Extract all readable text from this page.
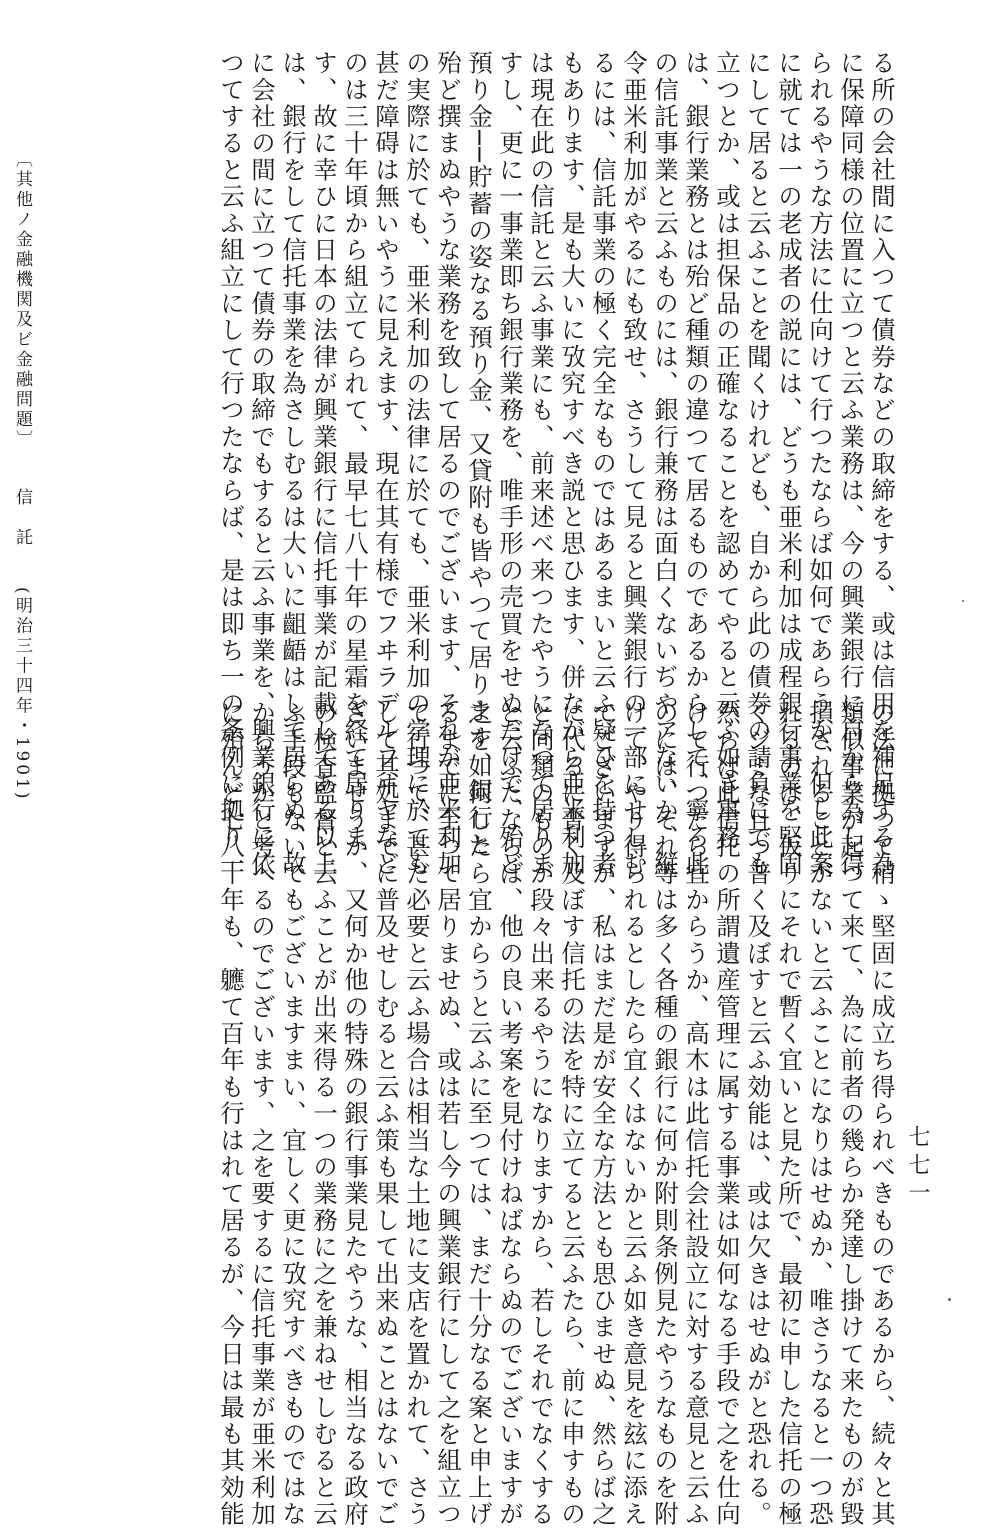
〔其他ノ金融機関及ビ金融問題〕 信　託 (明治三十四年・1901)	る所の会社間に入つて債券などの取締をする、或は信用を補足する為
に保障同様の位置に立つと云ふ業務は、今の興業銀行に自から為し得
られるやうな方法に仕向けて行つたならば如何であらうか、但し此案
に就ては一の老成者の説には、どうも亜米利加は成程銀行事業を堅固
にして居ると云ふことを聞くけれども、自から此の債券の請負にでも
立つとか、或は担保品の正確なることを認めてやると云ふ如き事務
は、銀行業務とは殆ど種類の違つて居るものであるからして、寧ろ此
の信託事業と云ふものには、銀行兼務は面白くないぢやアないか、縦
令亜米利加がやるにも致せ、さうして見ると興業銀行の一部にせしむ
るには、信託事業の極く完全なものではあるまいと云ふ疑ひを持つ者
もあります、是も大いに攷究すべき説と思ひます、併ながら亜米利加
は現在此の信託と云ふ事業にも、前来述べ来つたやうになつて居りま
すし、更に一事業即ち銀行業務を、唯手形の売買をせぬだけで、殆ど
預り金──貯蓄の姿なる預り金、又貸附も皆やつて居ります、銀行と
殆ど撰まぬやうな業務を致して居るのでございます、それが亜米利加
の実際に於ても、亜米利加の法律に於ても、亜米利加の学理に於ても
甚だ障碍は無いやうに見えます、現在其有様でフヰラデルフヰヤなど
のは三十年頃から組立てられて、最早七八十年の星霜を経て居りま
す、故に幸ひに日本の法律が興業銀行に信托事業が記載してある以上
は、銀行をして信托事業を為さしむるは大いに齟齬はして居らぬ、故
に会社の間に立つて債券の取締でもすると云ふ事業を、興業銀行に依
つてすると云ふ組立にして行つたならば、是は即ち一の条例に拠り一
の法に拠つて稍ゝ堅固に成立ち得られべきものであるから、続々と其
類似事業が起つて来て、為に前者の幾らか発達し掛けて来たものが毀
損されることがないと云ふことになりはせぬか、唯さうなると一つ恐
れるのは、仮りにそれで暫く宜いと見た所で、最初に申した信托の極
くジミな且つ普く及ぼすと云ふ効能は、或は欠きはせぬがと恐れる。
然らば此信托の所謂遺産管理に属する事業は如何なる手段で之を仕向
けて行つたら宜からうか、高木は此信托会社設立に対する意見と云ふ
のには、それ等は多く各種の銀行に何か附則条例見たやうなものを附
けて、やり得られるとしたら宜くはないかと云ふ如き意見を玆に添え
てございますが、私はまだ是が安全な方法とも思ひませぬ、然らば之
に代るに普く及ぼす信托の法を特に立てると云ふたら、前に申すもの
と同類のものが段々出来るやうになりますから、若しそれでなくする
と云ふたならば、他の良い考案を見付けねばならぬのでございますが
之を如何したら宜からうと云ふに至つては、まだ十分なる案と申上げ
るまでに至つて居りませぬ、或は若し今の興業銀行にして之を組立つ
て行つて、甚だ必要と云ふ場合は相当な土地に支店を置かれて、さう
して其処までに普及せしむると云ふ策も果して出来ぬことはないでご
ざいませうか、又何か他の特殊の銀行事業見たやうな、相当なる政府
の検査監督と云ふことが出来得る一つの業務に之を兼ねせしむると云
ふ手段もないでもございますまい、宜しく更に攷究すべきものではな
からうかと考へるのでございます、之を要するに信托事業が亜米利加
に殆んど七八十年も、軈て百年も行はれて居るが、今日は最も其効能	七七一
